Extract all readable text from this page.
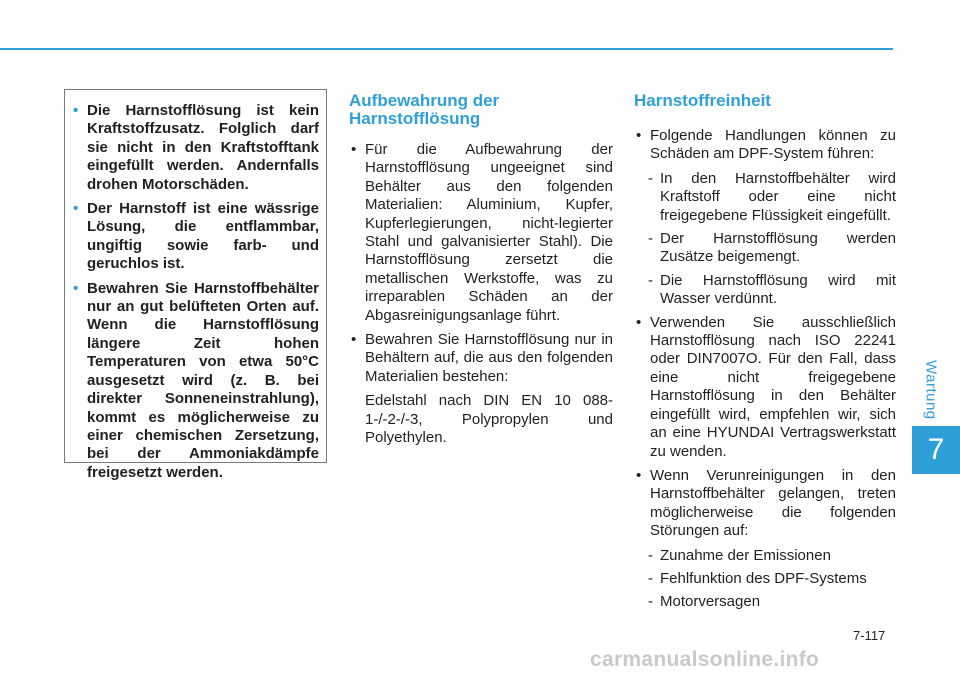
Wartung
7
• Die Harnstofflösung ist kein Kraftstoffzusatz. Folglich darf sie nicht in den Kraftstofftank eingefüllt werden. Andernfalls drohen Motorschäden.
• Der Harnstoff ist eine wässrige Lösung, die entflammbar, ungiftig sowie farb- und geruchlos ist.
• Bewahren Sie Harnstoffbehälter nur an gut belüfteten Orten auf. Wenn die Harnstofflösung längere Zeit hohen Temperaturen von etwa 50°C ausgesetzt wird (z. B. bei direkter Sonneneinstrahlung), kommt es möglicherweise zu einer chemischen Zersetzung, bei der Ammoniakdämpfe freigesetzt werden.
Aufbewahrung der Harnstofflösung
• Für die Aufbewahrung der Harnstofflösung ungeeignet sind Behälter aus den folgenden Materialien: Aluminium, Kupfer, Kupferlegierungen, nicht-legierter Stahl und galvanisierter Stahl). Die Harnstofflösung zersetzt die metallischen Werkstoffe, was zu irreparablen Schäden an der Abgasreinigungsanlage führt.
• Bewahren Sie Harnstofflösung nur in Behältern auf, die aus den folgenden Materialien bestehen:
Edelstahl nach DIN EN 10 088-1-/-2-/-3, Polypropylen und Polyethylen.
Harnstoffreinheit
• Folgende Handlungen können zu Schäden am DPF-System führen:
- In den Harnstoffbehälter wird Kraftstoff oder eine nicht freigegebene Flüssigkeit eingefüllt.
- Der Harnstofflösung werden Zusätze beigemengt.
- Die Harnstofflösung wird mit Wasser verdünnt.
• Verwenden Sie ausschließlich Harnstofflösung nach ISO 22241 oder DIN7007O. Für den Fall, dass eine nicht freigegebene Harnstofflösung in den Behälter eingefüllt wird, empfehlen wir, sich an eine HYUNDAI Vertragswerkstatt zu wenden.
• Wenn Verunreinigungen in den Harnstoffbehälter gelangen, treten möglicherweise die folgenden Störungen auf:
- Zunahme der Emissionen
- Fehlfunktion des DPF-Systems
- Motorversagen
7-117
carmanualsonline.info
